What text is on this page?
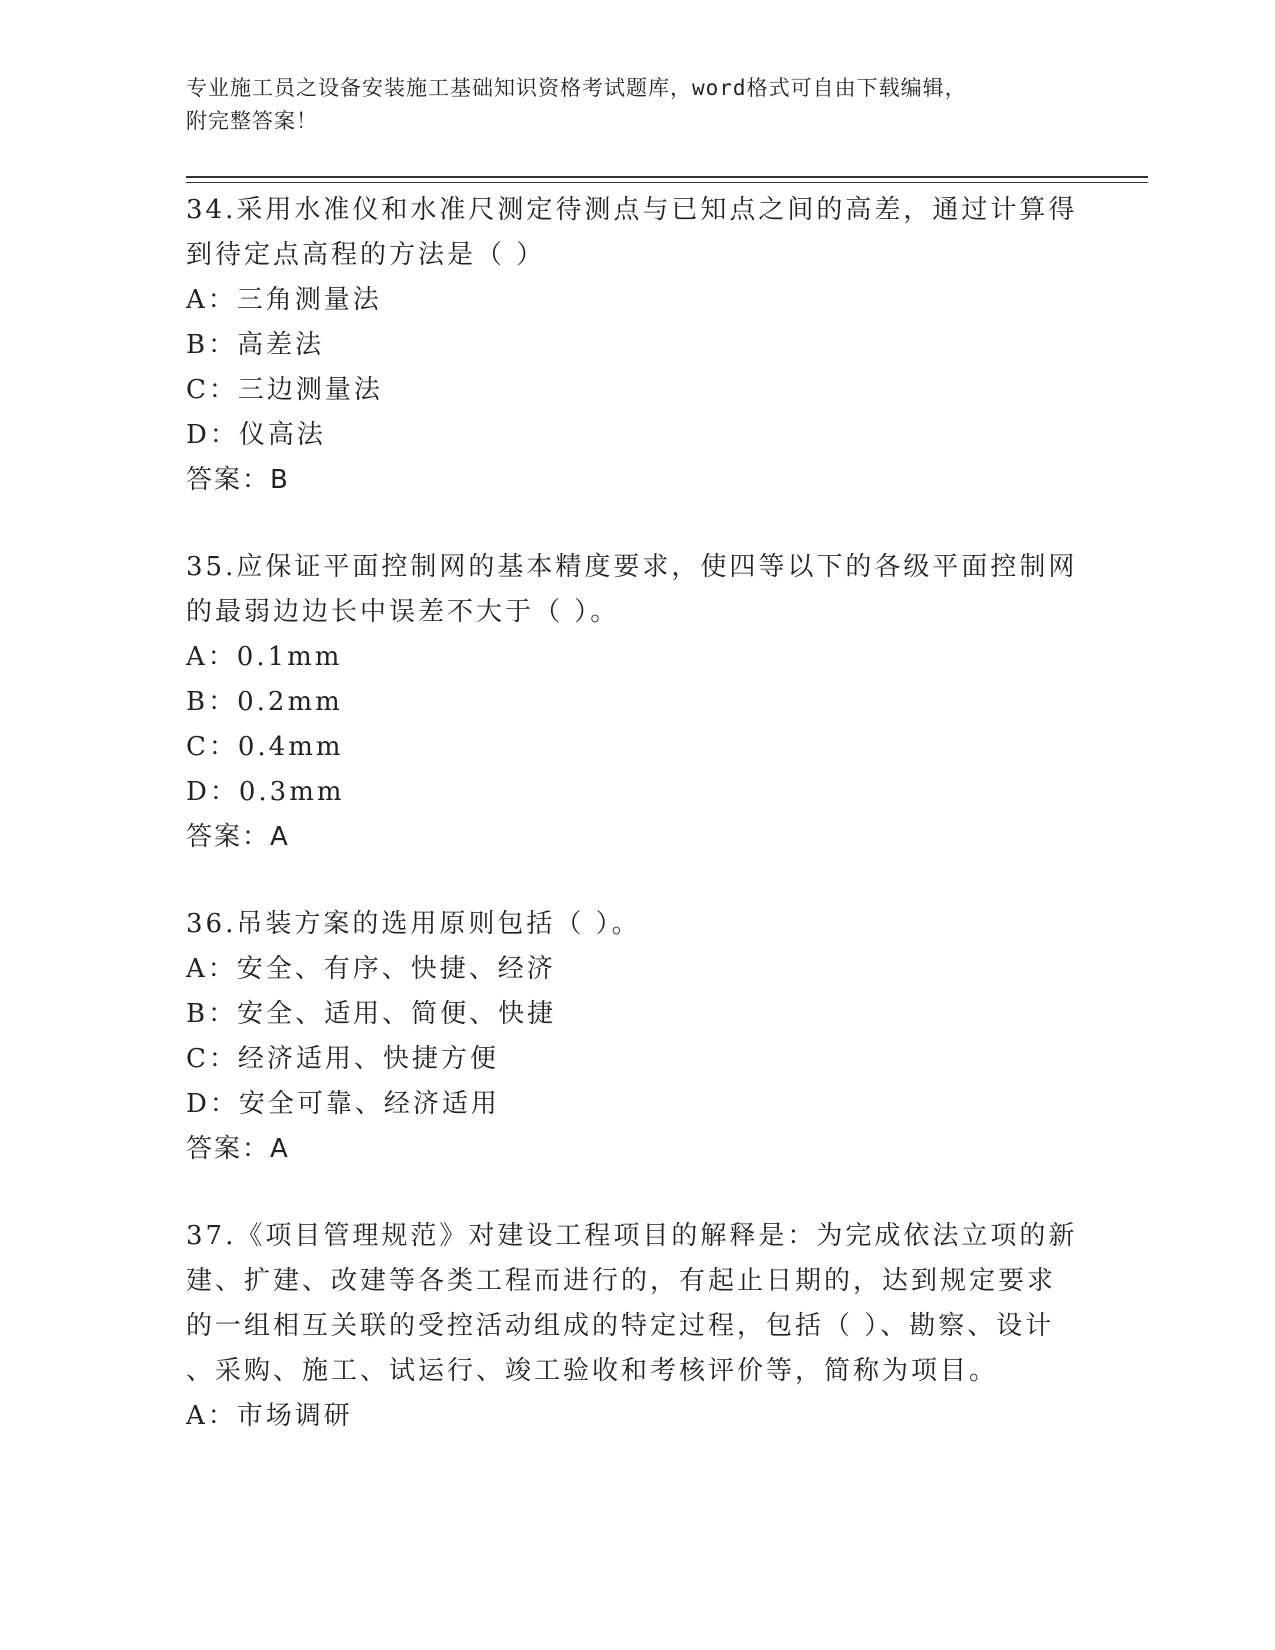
专业施工员之设备安装施工基础知识资格考试题库，word格式可自由下载编辑，
附完整答案！

34.采用水准仪和水准尺测定待测点与已知点之间的高差，通过计算得
到待定点高程的方法是（ ）

A：三角测量法

B：高差法

C：三边测量法

D：仪高法

答案：B

35.应保证平面控制网的基本精度要求，使四等以下的各级平面控制网
的最弱边边长中误差不大于（ ）。

A：0.1mm

B：0.2mm

C：0.4mm

D：0.3mm

答案：A

36.吊装方案的选用原则包括（ ）。

A：安全、有序、快捷、经济

B：安全、适用、简便、快捷

C：经济适用、快捷方便

D：安全可靠、经济适用

答案：A

37.《项目管理规范》对建设工程项目的解释是：为完成依法立项的新
建、扩建、改建等各类工程而进行的，有起止日期的，达到规定要求
的一组相互关联的受控活动组成的特定过程，包括（ ）、勘察、设计
、采购、施工、试运行、竣工验收和考核评价等，简称为项目。

A：市场调研
